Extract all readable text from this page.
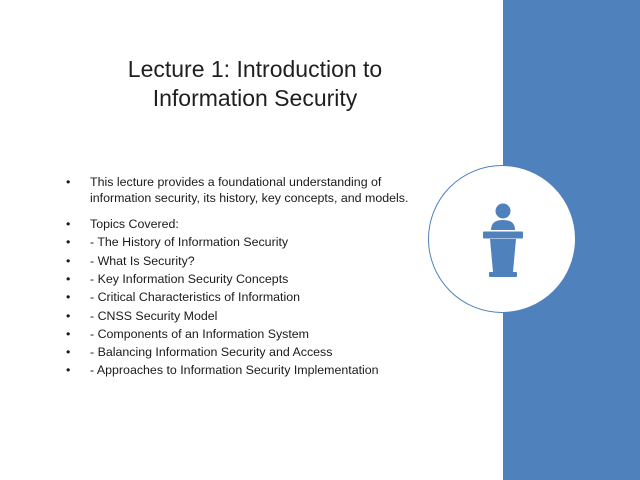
Lecture 1: Introduction to
Information Security
•	This lecture provides a foundational understanding of information security, its history, key concepts, and models.
•	Topics Covered:
•	- The History of Information Security
•	- What Is Security?
•	- Key Information Security Concepts
•	- Critical Characteristics of Information
•	- CNSS Security Model
•	- Components of an Information System
•	- Balancing Information Security and Access
•	- Approaches to Information Security Implementation
